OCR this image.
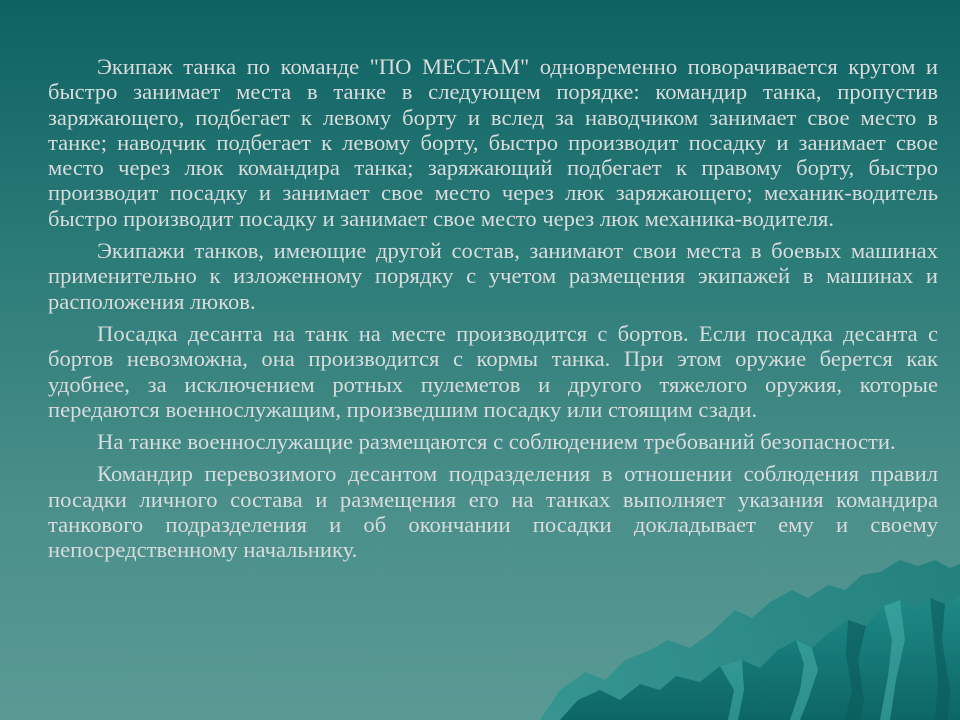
Экипаж танка по команде "ПО МЕСТАМ" одновременно поворачивается кругом и быстро занимает места в танке в следующем порядке: командир танка, пропустив заряжающего, подбегает к левому борту и вслед за наводчиком занимает свое место в танке; наводчик подбегает к левому борту, быстро производит посадку и занимает свое место через люк командира танка; заряжающий подбегает к правому борту, быстро производит посадку и занимает свое место через люк заряжающего; механик-водитель быстро производит посадку и занимает свое место через люк механика-водителя.

Экипажи танков, имеющие другой состав, занимают свои места в боевых машинах применительно к изложенному порядку с учетом размещения экипажей в машинах и расположения люков.

Посадка десанта на танк на месте производится с бортов. Если посадка десанта с бортов невозможна, она производится с кормы танка. При этом оружие берется как удобнее, за исключением ротных пулеметов и другого тяжелого оружия, которые передаются военнослужащим, произведшим посадку или стоящим сзади.

На танке военнослужащие размещаются с соблюдением требований безопасности.

Командир перевозимого десантом подразделения в отношении соблюдения правил посадки личного состава и размещения его на танках выполняет указания командира танкового подразделения и об окончании посадки докладывает ему и своему непосредственному начальнику.
